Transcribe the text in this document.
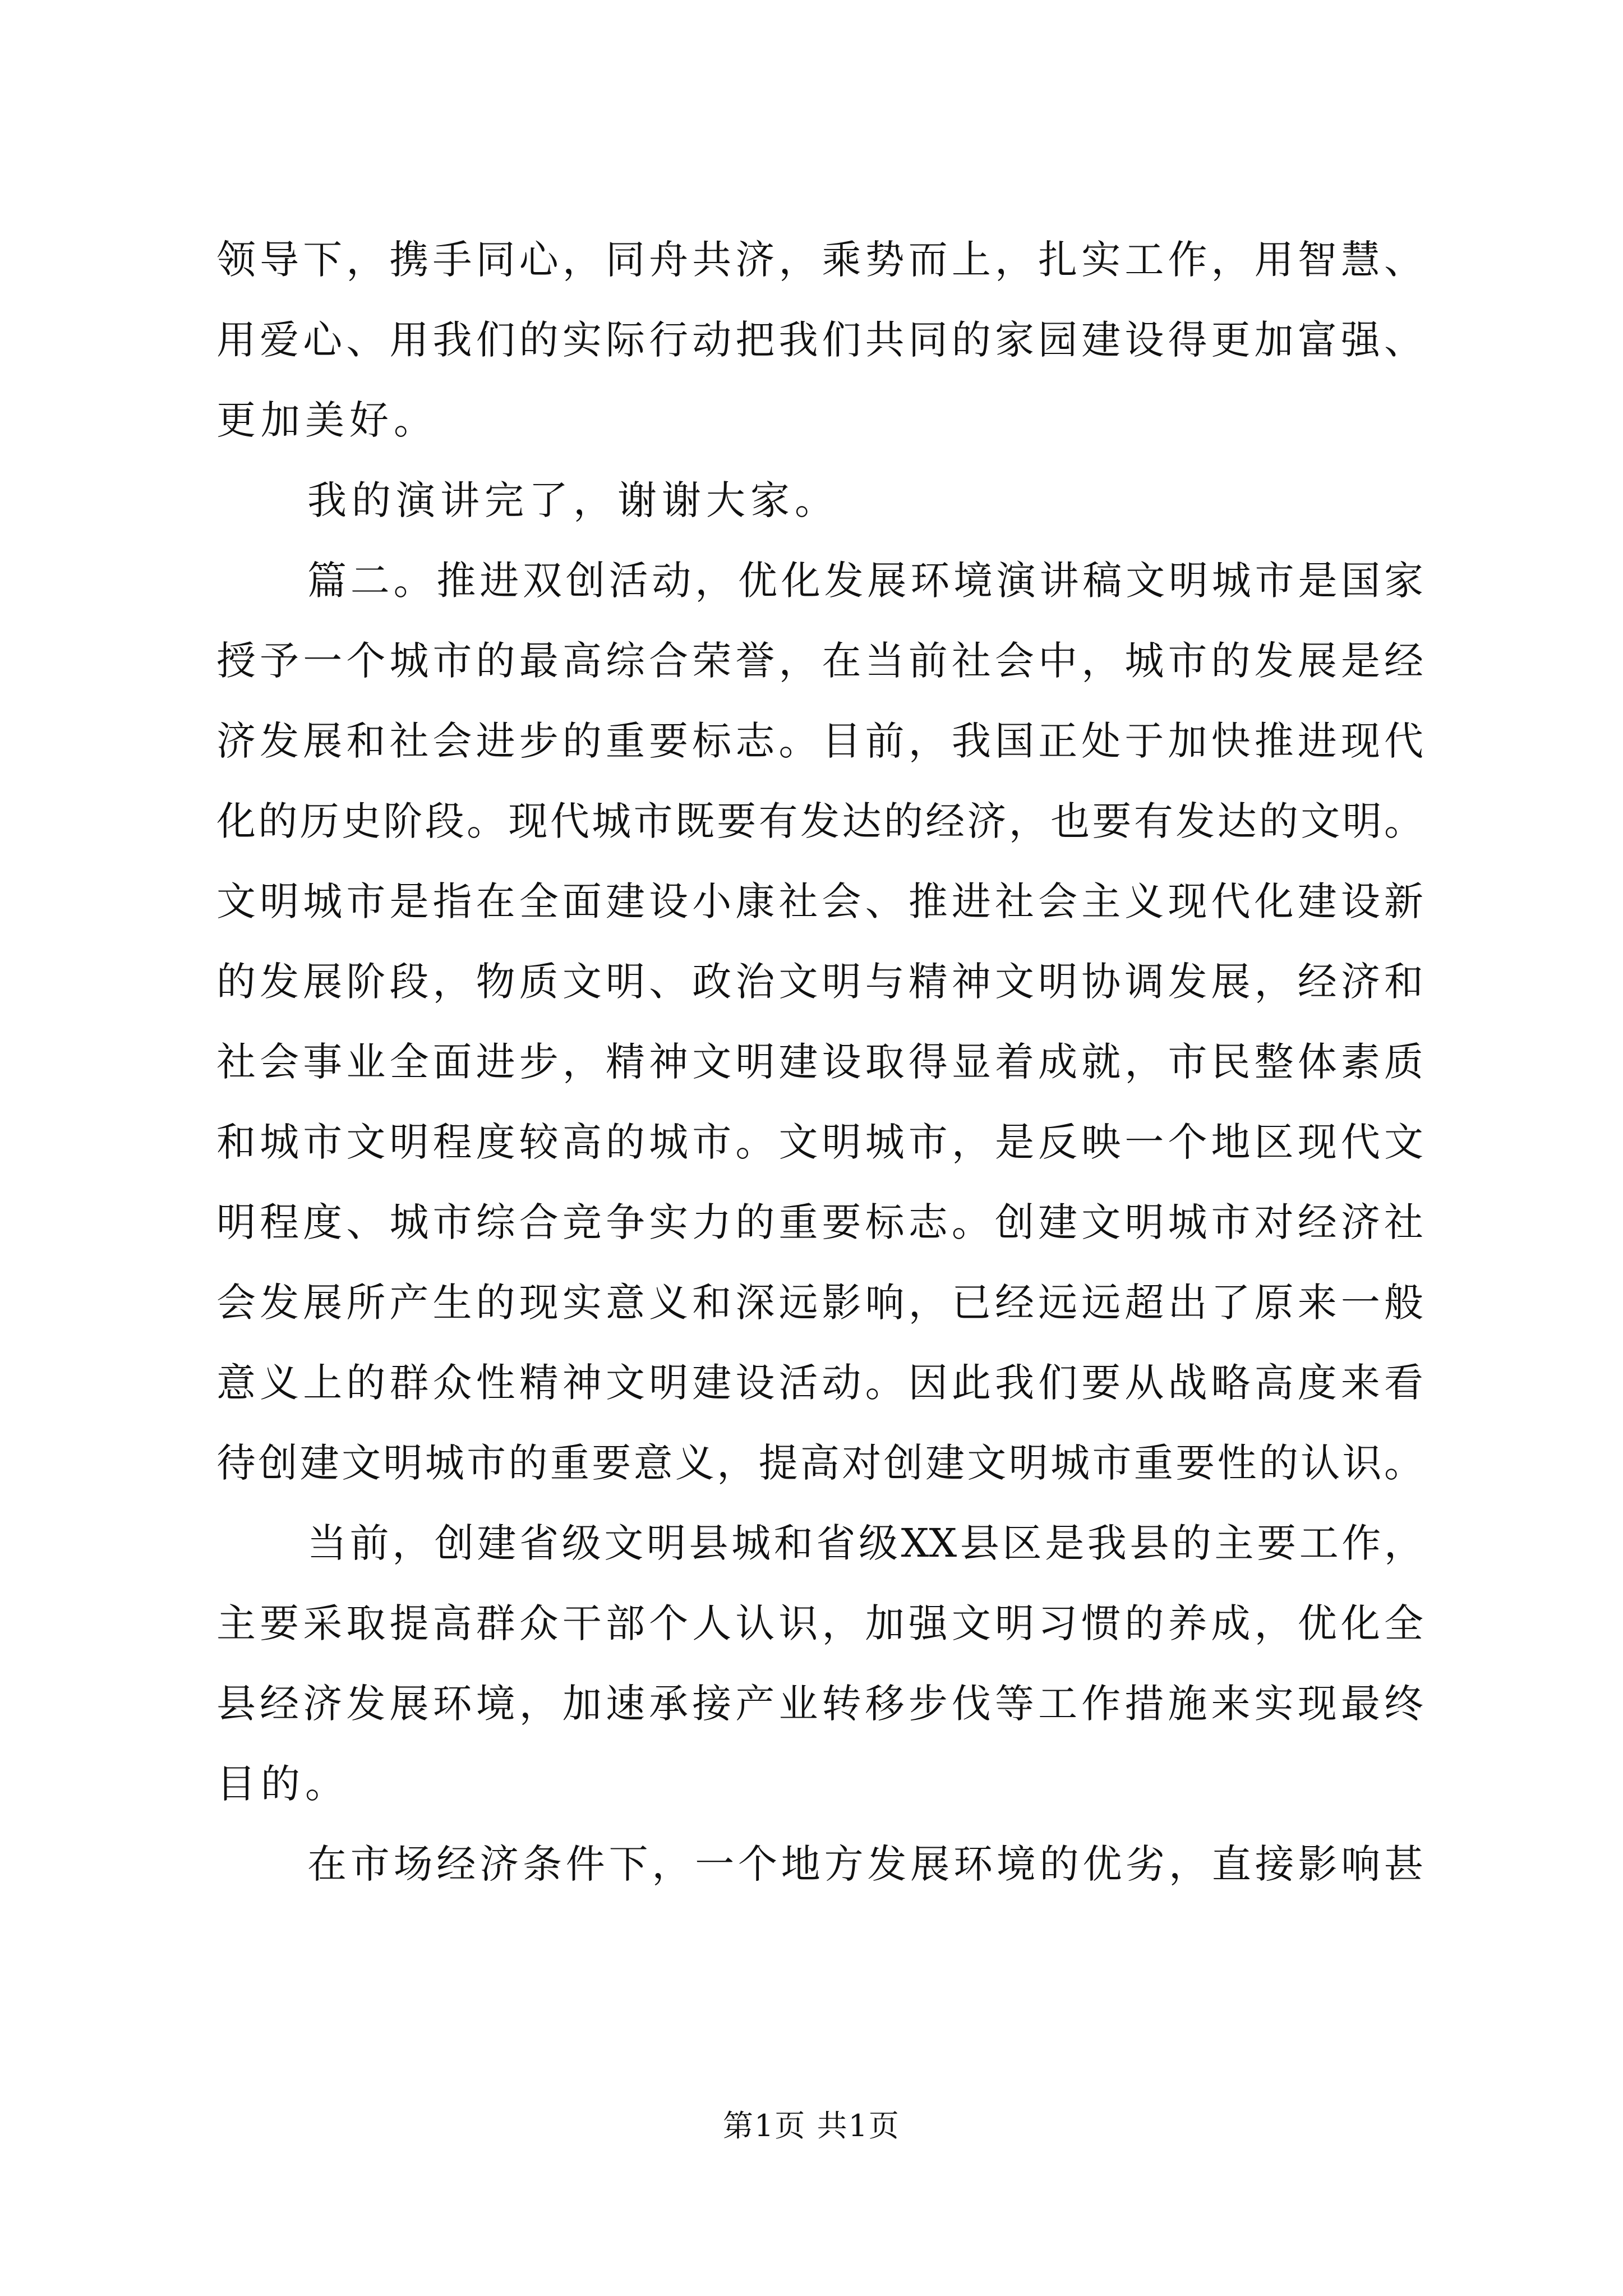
领导下，携手同心，同舟共济，乘势而上，扎实工作，用智慧、
用爱心、用我们的实际行动把我们共同的家园建设得更加富强、
更加美好。
我的演讲完了，谢谢大家。
篇二。推进双创活动，优化发展环境演讲稿文明城市是国家
授予一个城市的最高综合荣誉，在当前社会中，城市的发展是经
济发展和社会进步的重要标志。目前，我国正处于加快推进现代
化的历史阶段。现代城市既要有发达的经济，也要有发达的文明。
文明城市是指在全面建设小康社会、推进社会主义现代化建设新
的发展阶段，物质文明、政治文明与精神文明协调发展，经济和
社会事业全面进步，精神文明建设取得显着成就，市民整体素质
和城市文明程度较高的城市。文明城市，是反映一个地区现代文
明程度、城市综合竞争实力的重要标志。创建文明城市对经济社
会发展所产生的现实意义和深远影响，已经远远超出了原来一般
意义上的群众性精神文明建设活动。因此我们要从战略高度来看
待创建文明城市的重要意义，提高对创建文明城市重要性的认识。
当前，创建省级文明县城和省级XX县区是我县的主要工作，
主要采取提高群众干部个人认识，加强文明习惯的养成，优化全
县经济发展环境，加速承接产业转移步伐等工作措施来实现最终
目的。
在市场经济条件下，一个地方发展环境的优劣，直接影响甚
第1页 共1页
